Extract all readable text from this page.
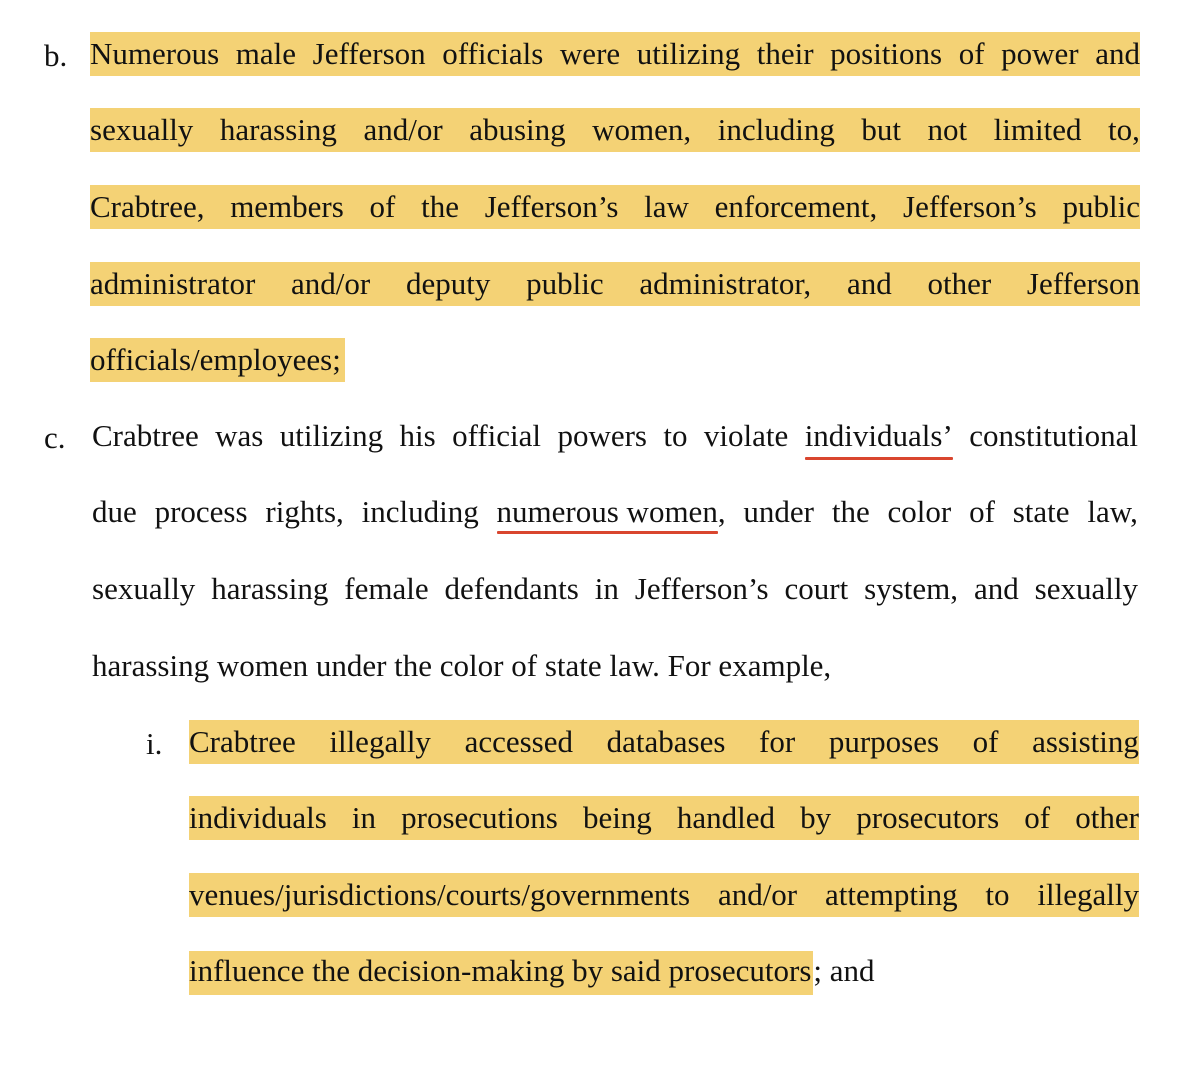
b. Numerous male Jefferson officials were utilizing their positions of power and
sexually harassing and/or abusing women, including but not limited to,
Crabtree, members of the Jefferson’s law enforcement, Jefferson’s public
administrator and/or deputy public administrator, and other Jefferson
officials/employees;
c. Crabtree was utilizing his official powers to violate individuals’ constitutional
due process rights, including numerous women, under the color of state law,
sexually harassing female defendants in Jefferson’s court system, and sexually
harassing women under the color of state law. For example,
i. Crabtree illegally accessed databases for purposes of assisting
individuals in prosecutions being handled by prosecutors of other
venues/jurisdictions/courts/governments and/or attempting to illegally
influence the decision-making by said prosecutors; and
